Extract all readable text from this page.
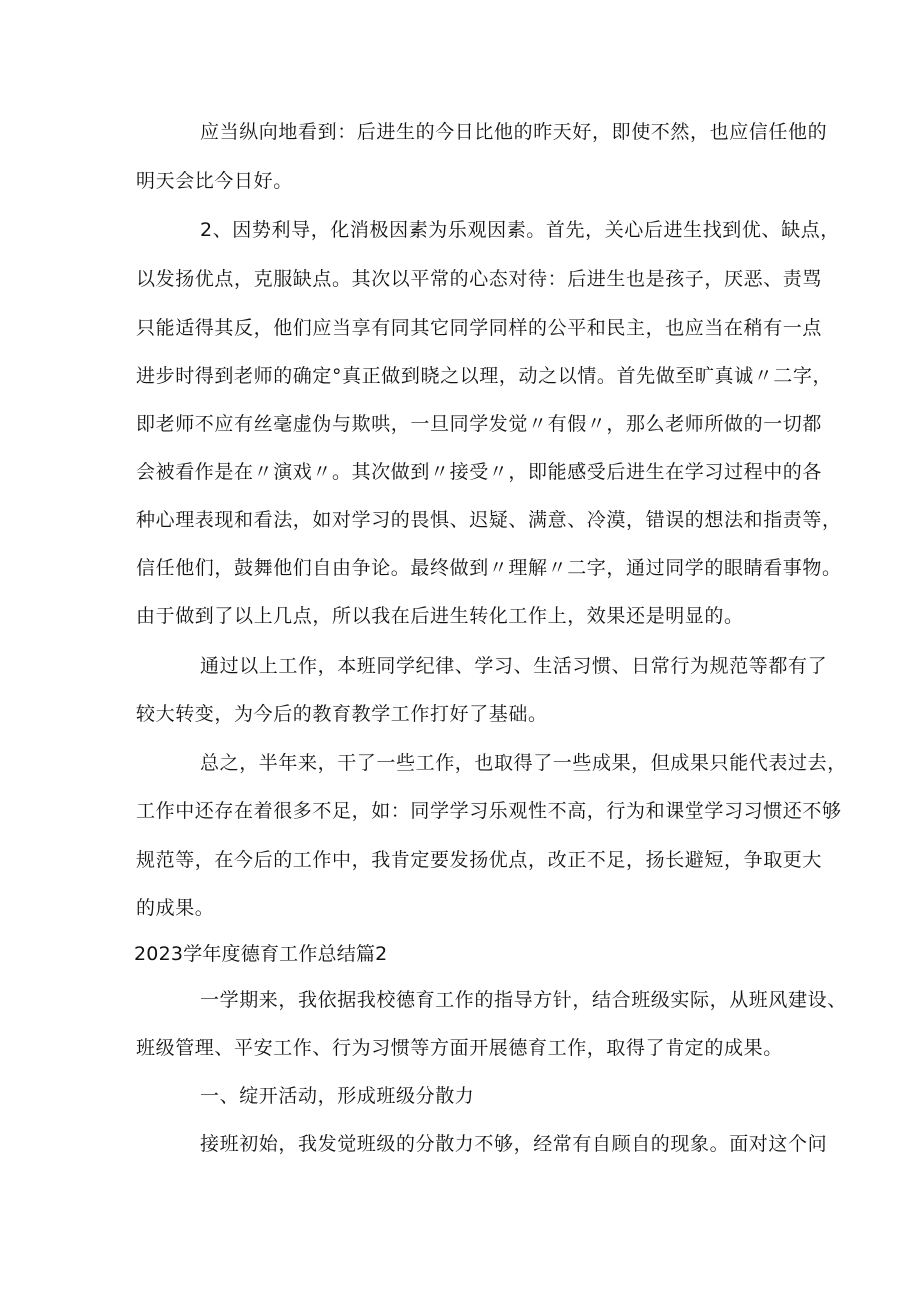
应当纵向地看到：后进生的今日比他的昨天好，即使不然，也应信任他的
明天会比今日好。
2、因势利导，化消极因素为乐观因素。首先，关心后进生找到优、缺点，
以发扬优点，克服缺点。其次以平常的心态对待：后进生也是孩子，厌恶、责骂
只能适得其反，他们应当享有同其它同学同样的公平和民主，也应当在稍有一点
进步时得到老师的确定°真正做到晓之以理，动之以情。首先做至旷真诚〃二字，
即老师不应有丝毫虚伪与欺哄，一旦同学发觉〃有假〃，那么老师所做的一切都
会被看作是在〃演戏〃。其次做到〃接受〃，即能感受后进生在学习过程中的各
种心理表现和看法，如对学习的畏惧、迟疑、满意、冷漠，错误的想法和指责等，
信任他们，鼓舞他们自由争论。最终做到〃理解〃二字，通过同学的眼睛看事物。
由于做到了以上几点，所以我在后进生转化工作上，效果还是明显的。
通过以上工作，本班同学纪律、学习、生活习惯、日常行为规范等都有了
较大转变，为今后的教育教学工作打好了基础。
总之，半年来，干了一些工作，也取得了一些成果，但成果只能代表过去，
工作中还存在着很多不足，如：同学学习乐观性不高，行为和课堂学习习惯还不够
规范等，在今后的工作中，我肯定要发扬优点，改正不足，扬长避短，争取更大
的成果。
2023学年度德育工作总结篇2
一学期来，我依据我校德育工作的指导方针，结合班级实际，从班风建设、
班级管理、平安工作、行为习惯等方面开展德育工作，取得了肯定的成果。
一、绽开活动，形成班级分散力
接班初始，我发觉班级的分散力不够，经常有自顾自的现象。面对这个问
